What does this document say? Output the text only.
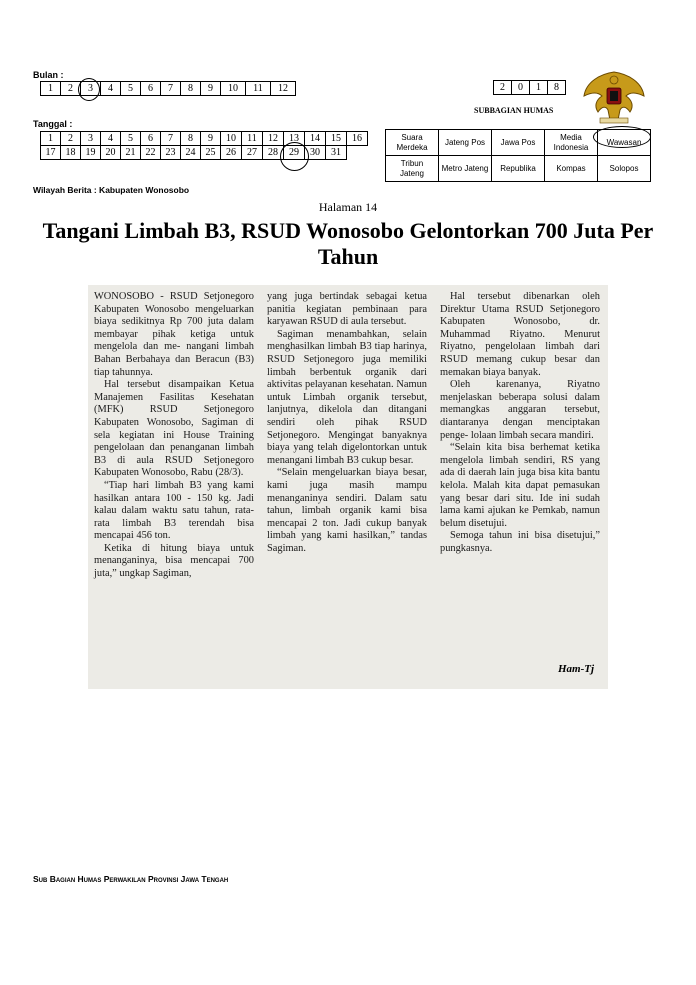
Bulan :
1	2	3	4	5	6	7	8	9	10	11	12
Tanggal :
1	2	3	4	5	6	7	8	9	10	11	12	13	14	15	16
17	18	19	20	21	22	23	24	25	26	27	28	29	30	31	
2	0	1	8
SUBBAGIAN HUMAS
Suara Merdeka	Jateng Pos	Jawa Pos	Media Indonesia	Wawasan
Tribun Jateng	Metro Jateng	Republika	Kompas	Solopos
Wilayah Berita : Kabupaten Wonosobo
Halaman 14
Tangani Limbah B3, RSUD Wonosobo Gelontorkan 700 Juta Per Tahun

WONOSOBO - RSUD Setjonegoro Kabupaten Wonosobo mengeluarkan biaya sedikitnya Rp 700 juta dalam membayar pihak ketiga untuk mengelola dan me- nangani limbah Bahan Berbahaya dan Beracun (B3) tiap tahunnya.

Hal tersebut disampaikan Ketua Manajemen Fasilitas Kesehatan (MFK) RSUD Setjonegoro Kabupaten Wonosobo, Sagiman di sela kegiatan ini House Training pengelolaan dan penanganan limbah B3 di aula RSUD Setjonegoro Kabupaten Wonosobo, Rabu (28/3).

“Tiap hari limbah B3 yang kami hasilkan antara 100 - 150 kg. Jadi kalau dalam waktu satu tahun, rata-rata limbah B3 terendah bisa mencapai 456 ton.

Ketika di hitung biaya untuk menanganinya, bisa mencapai 700 juta,” ungkap Sagiman,

yang juga bertindak sebagai ketua panitia kegiatan pembinaan para karyawan RSUD di aula tersebut.

Sagiman menambahkan, selain menghasilkan limbah B3 tiap harinya, RSUD Setjonegoro juga memiliki limbah berbentuk organik dari aktivitas pelayanan kesehatan. Namun untuk Limbah organik tersebut, lanjutnya, dikelola dan ditangani sendiri oleh pihak RSUD Setjonegoro. Mengingat banyaknya biaya yang telah digelontorkan untuk menangani limbah B3 cukup besar.

“Selain mengeluarkan biaya besar, kami juga masih mampu menanganinya sendiri. Dalam satu tahun, limbah organik kami bisa mencapai 2 ton. Jadi cukup banyak limbah yang kami hasilkan,” tandas Sagiman.

Hal tersebut dibenarkan oleh Direktur Utama RSUD Setjonegoro Kabupaten Wonosobo, dr. Muhammad Riyatno. Menurut Riyatno, pengelolaan limbah dari RSUD memang cukup besar dan memakan biaya banyak.

Oleh karenanya, Riyatno menjelaskan beberapa solusi dalam memangkas anggaran tersebut, diantaranya dengan menciptakan penge- lolaan limbah secara mandiri.

“Selain kita bisa berhemat ketika mengelola limbah sendiri, RS yang ada di daerah lain juga bisa kita bantu kelola. Malah kita dapat pemasukan yang besar dari situ. Ide ini sudah lama kami ajukan ke Pemkab, namun belum disetujui.

Semoga tahun ini bisa disetujui,” pungkasnya.

Ham-Tj
Sub Bagian Humas Perwakilan Provinsi Jawa Tengah
